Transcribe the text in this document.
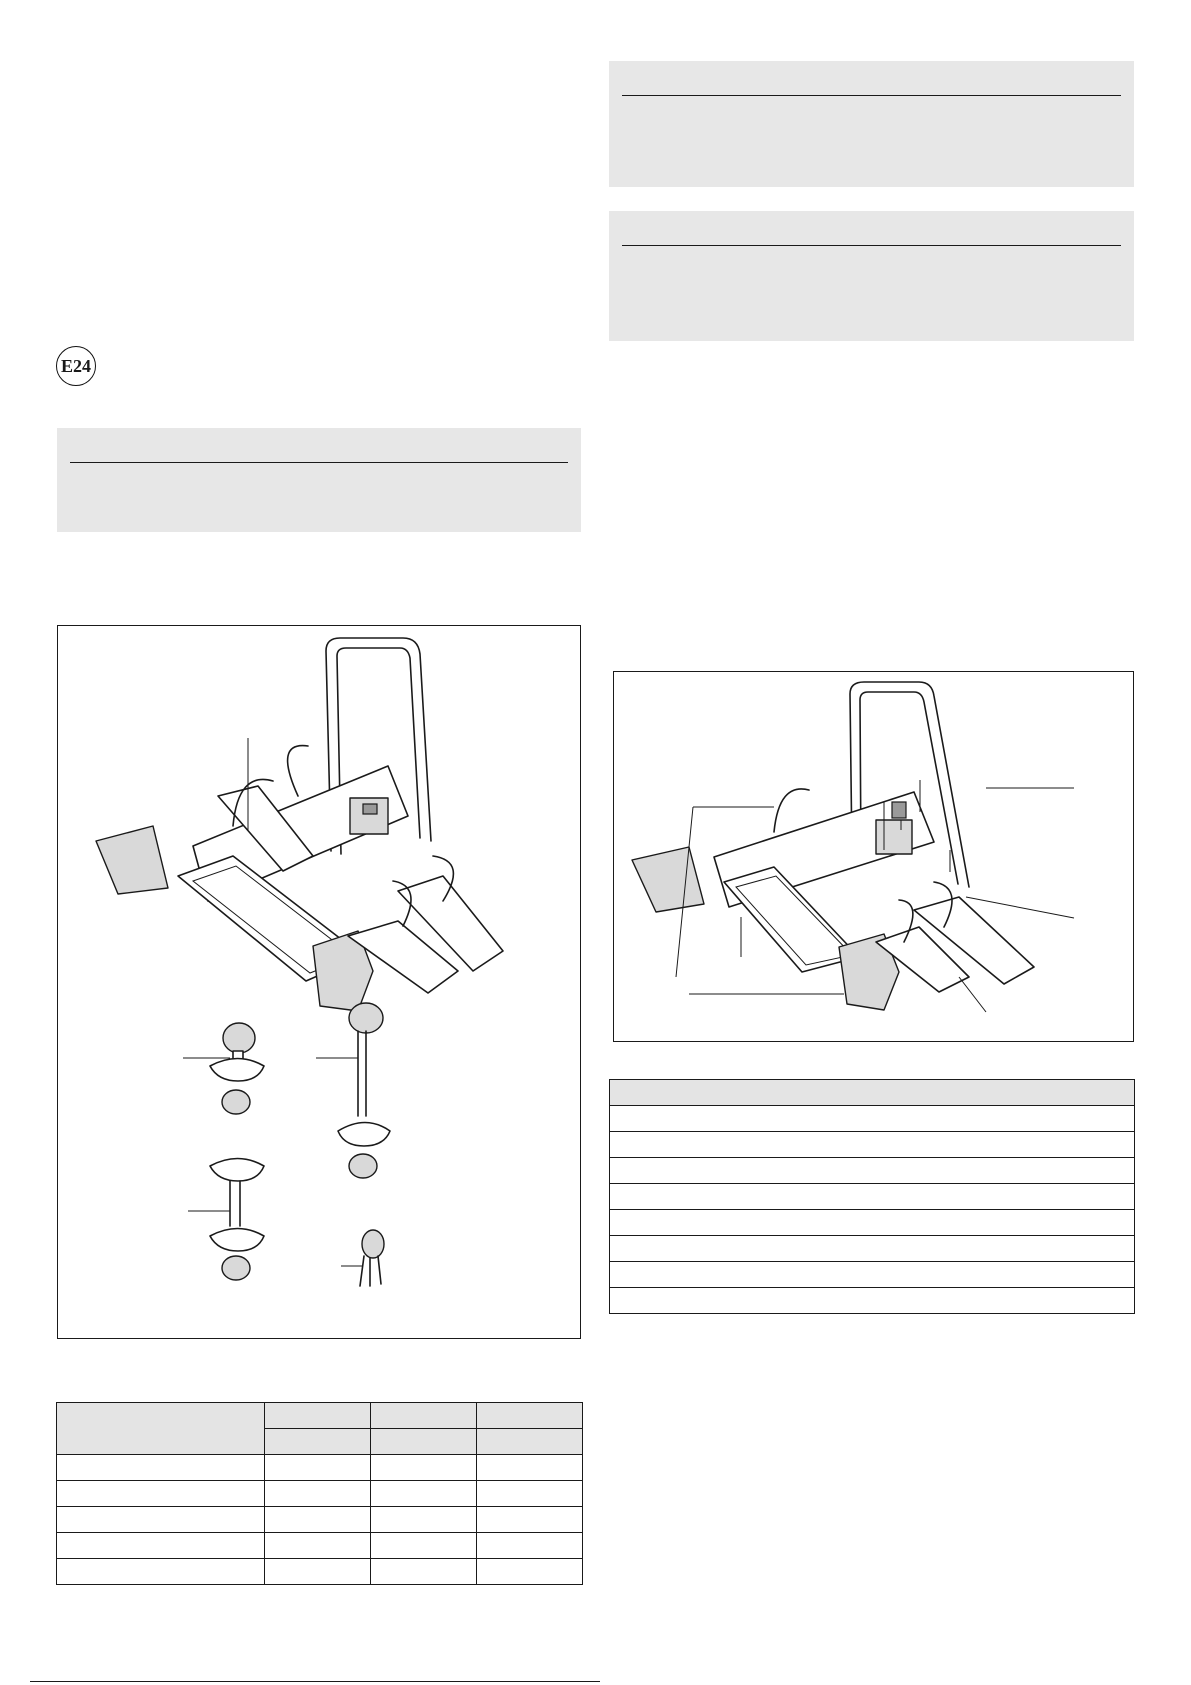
E24
